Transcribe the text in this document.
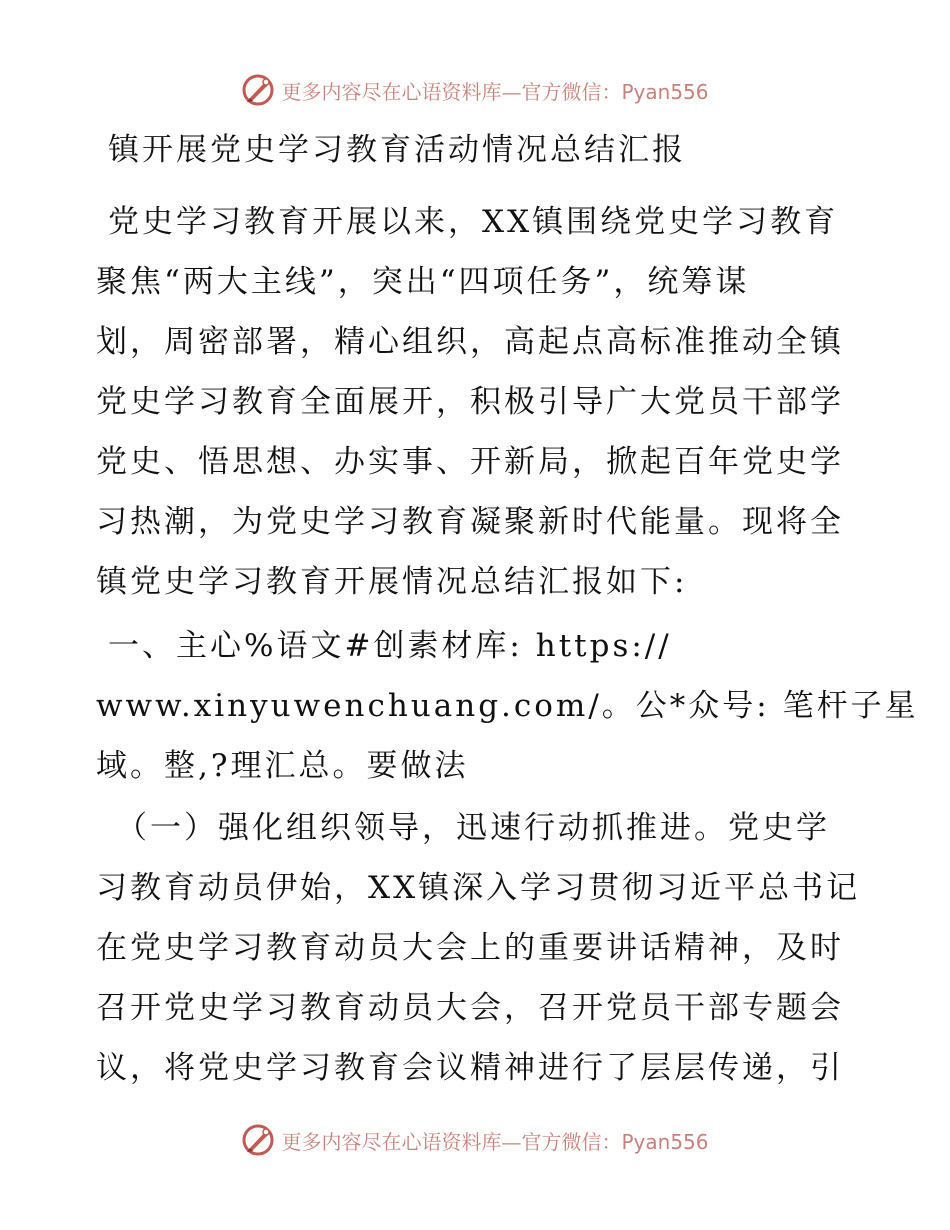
更多内容尽在心语资料库—官方微信：Pyan556
镇开展党史学习教育活动情况总结汇报
党史学习教育开展以来，XX镇围绕党史学习教育
聚焦“两大主线”，突出“四项任务”，统筹谋
划，周密部署，精心组织，高起点高标准推动全镇
党史学习教育全面展开，积极引导广大党员干部学
党史、悟思想、办实事、开新局，掀起百年党史学
习热潮，为党史学习教育凝聚新时代能量。现将全
镇党史学习教育开展情况总结汇报如下:
一、主心%语文#创素材库: https://
www.xinyuwenchuang.com/。公*众号: 笔杆子星
域。整,?理汇总。要做法
（一）强化组织领导，迅速行动抓推进。党史学
习教育动员伊始，XX镇深入学习贯彻习近平总书记
在党史学习教育动员大会上的重要讲话精神，及时
召开党史学习教育动员大会，召开党员干部专题会
议，将党史学习教育会议精神进行了层层传递，引
更多内容尽在心语资料库—官方微信：Pyan556
